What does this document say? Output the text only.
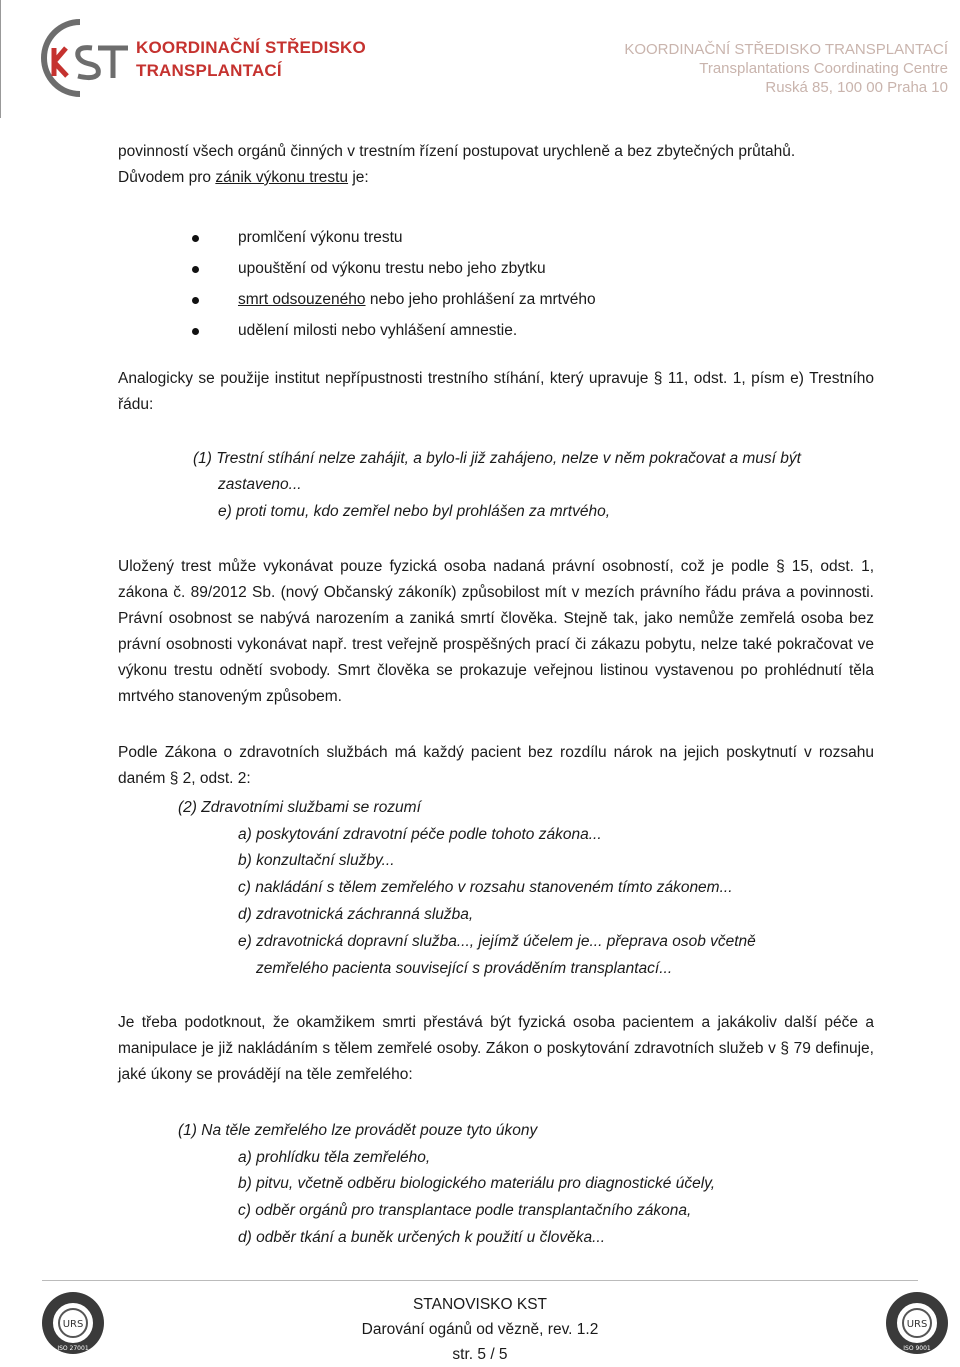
KOORDINAČNÍ STŘEDISKO
TRANSPLANTACÍ
KOORDINAČNÍ STŘEDISKO TRANSPLANTACÍ
Transplantations Coordinating Centre
Ruská 85, 100 00 Praha 10
povinností všech orgánů činných v trestním řízení postupovat urychleně a bez zbytečných průtahů.
Důvodem pro zánik výkonu trestu je:
promlčení výkonu trestu
upouštění od výkonu trestu nebo jeho zbytku
smrt odsouzeného nebo jeho prohlášení za mrtvého
udělení milosti nebo vyhlášení amnestie.
Analogicky se použije institut nepřípustnosti trestního stíhání, který upravuje § 11, odst. 1, písm e) Trestního řádu:
(1) Trestní stíhání nelze zahájit, a bylo-li již zahájeno, nelze v něm pokračovat a musí být
zastaveno...
e) proti tomu, kdo zemřel nebo byl prohlášen za mrtvého,
Uložený trest může vykonávat pouze fyzická osoba nadaná právní osobností, což je podle § 15, odst. 1, zákona č. 89/2012 Sb. (nový Občanský zákoník) způsobilost mít v mezích právního řádu práva a povinnosti. Právní osobnost se nabývá narozením a zaniká smrtí člověka. Stejně tak, jako nemůže zemřelá osoba bez právní osobnosti vykonávat např. trest veřejně prospěšných prací či zákazu pobytu, nelze také pokračovat ve výkonu trestu odnětí svobody. Smrt člověka se prokazuje veřejnou listinou vystavenou po prohlédnutí těla mrtvého stanoveným způsobem.
Podle Zákona o zdravotních službách má každý pacient bez rozdílu nárok na jejich poskytnutí v rozsahu daném § 2, odst. 2:
(2) Zdravotními službami se rozumí
a) poskytování zdravotní péče podle tohoto zákona...
b) konzultační služby...
c) nakládání s tělem zemřelého v rozsahu stanoveném tímto zákonem...
d) zdravotnická záchranná služba,
e) zdravotnická dopravní služba..., jejímž účelem je... přeprava osob včetně
zemřelého pacienta související s prováděním transplantací...
Je třeba podotknout, že okamžikem smrti přestává být fyzická osoba pacientem a jakákoliv další péče a manipulace je již nakládáním s tělem zemřelé osoby. Zákon o poskytování zdravotních služeb v § 79 definuje, jaké úkony se provádějí na těle zemřelého:
(1) Na těle zemřelého lze provádět pouze tyto úkony
a) prohlídku těla zemřelého,
b) pitvu, včetně odběru biologického materiálu pro diagnostické účely,
c) odběr orgánů pro transplantace podle transplantačního zákona,
d) odběr tkání a buněk určených k použití u člověka...
URS
ISO 27001
URS
ISO 9001
STANOVISKO KST
Darování ogánů od vězně, rev. 1.2
str. 5 / 5
